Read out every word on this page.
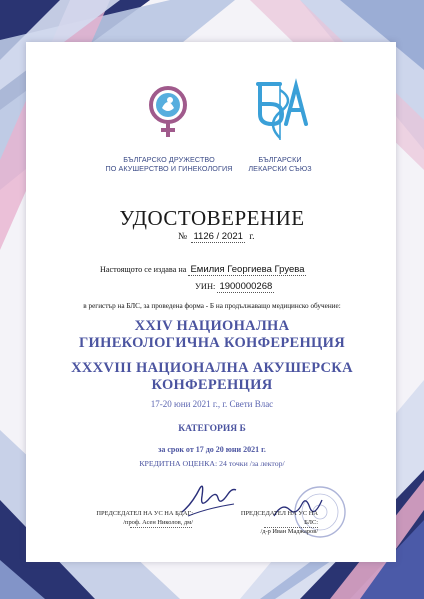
БЪЛГАРСКО ДРУЖЕСТВО
ПО АКУШЕРСТВО И ГИНЕКОЛОГИЯ
БЪЛГАРСКИ
ЛЕКАРСКИ СЪЮЗ
УДОСТОВЕРЕНИЕ
№ 1126 / 2021 г.
Настоящото се издава на Емилия Георгиева Груева
УИН: 1900000268
в регистър на БЛС, за проведена форма - Б на продължаващо медицинско обучение:
XXIV НАЦИОНАЛНА
ГИНЕКОЛОГИЧНА КОНФЕРЕНЦИЯ
XXXVIII НАЦИОНАЛНА АКУШЕРСКА
КОНФЕРЕНЦИЯ
17-20 юни 2021 г., г. Свети Влас
КАТЕГОРИЯ Б
за срок от 17 до 20 юни 2021 г.
КРЕДИТНА ОЦЕНКА: 24 точки /за лектор/
ПРЕДСЕДАТЕЛ НА УС НА БДАГ:
/проф. Асен Николов, дм/
ПРЕДСЕДАТЕЛ НА УС НА БЛС:
/д-р Иван Маджаров/
